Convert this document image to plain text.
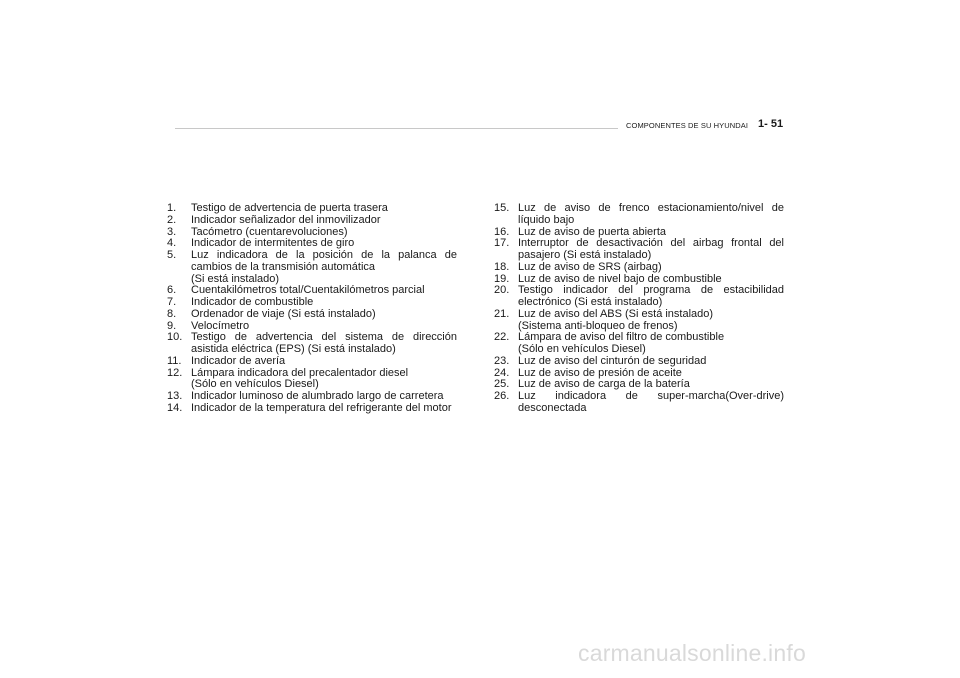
COMPONENTES DE SU HYUNDAI 1- 51
1.	Testigo de advertencia de puerta trasera
2.	Indicador señalizador del inmovilizador
3.	Tacómetro (cuentarevoluciones)
4.	Indicador de intermitentes de giro
5.	Luz indicadora de la posición de la palanca de cambios de la transmisión automática
(Si está instalado)
6.	Cuentakilómetros total/Cuentakilómetros parcial
7.	Indicador de combustible
8.	Ordenador de viaje (Si está instalado)
9.	Velocímetro
10. Testigo de advertencia del sistema de dirección asistida eléctrica (EPS) (Si está instalado)
11. Indicador de avería
12. Lámpara indicadora del precalentador diesel
(Sólo en vehículos Diesel)
13. Indicador luminoso de alumbrado largo de carretera
14. Indicador de la temperatura del refrigerante del motor
15. Luz de aviso de frenco estacionamiento/nivel de líquido bajo
16. Luz de aviso de puerta abierta
17. Interruptor de desactivación del airbag frontal del pasajero (Si está instalado)
18. Luz de aviso de SRS (airbag)
19. Luz de aviso de nivel bajo de combustible
20. Testigo indicador del programa de estacibilidad electrónico (Si está instalado)
21. Luz de aviso del ABS (Si está instalado)
(Sistema anti-bloqueo de frenos)
22. Lámpara de aviso del filtro de combustible
(Sólo en vehículos Diesel)
23. Luz de aviso del cinturón de seguridad
24. Luz de aviso de presión de aceite
25. Luz de aviso de carga de la batería
26. Luz indicadora de super-marcha(Over-drive) desconectada
carmanualsonline.info
